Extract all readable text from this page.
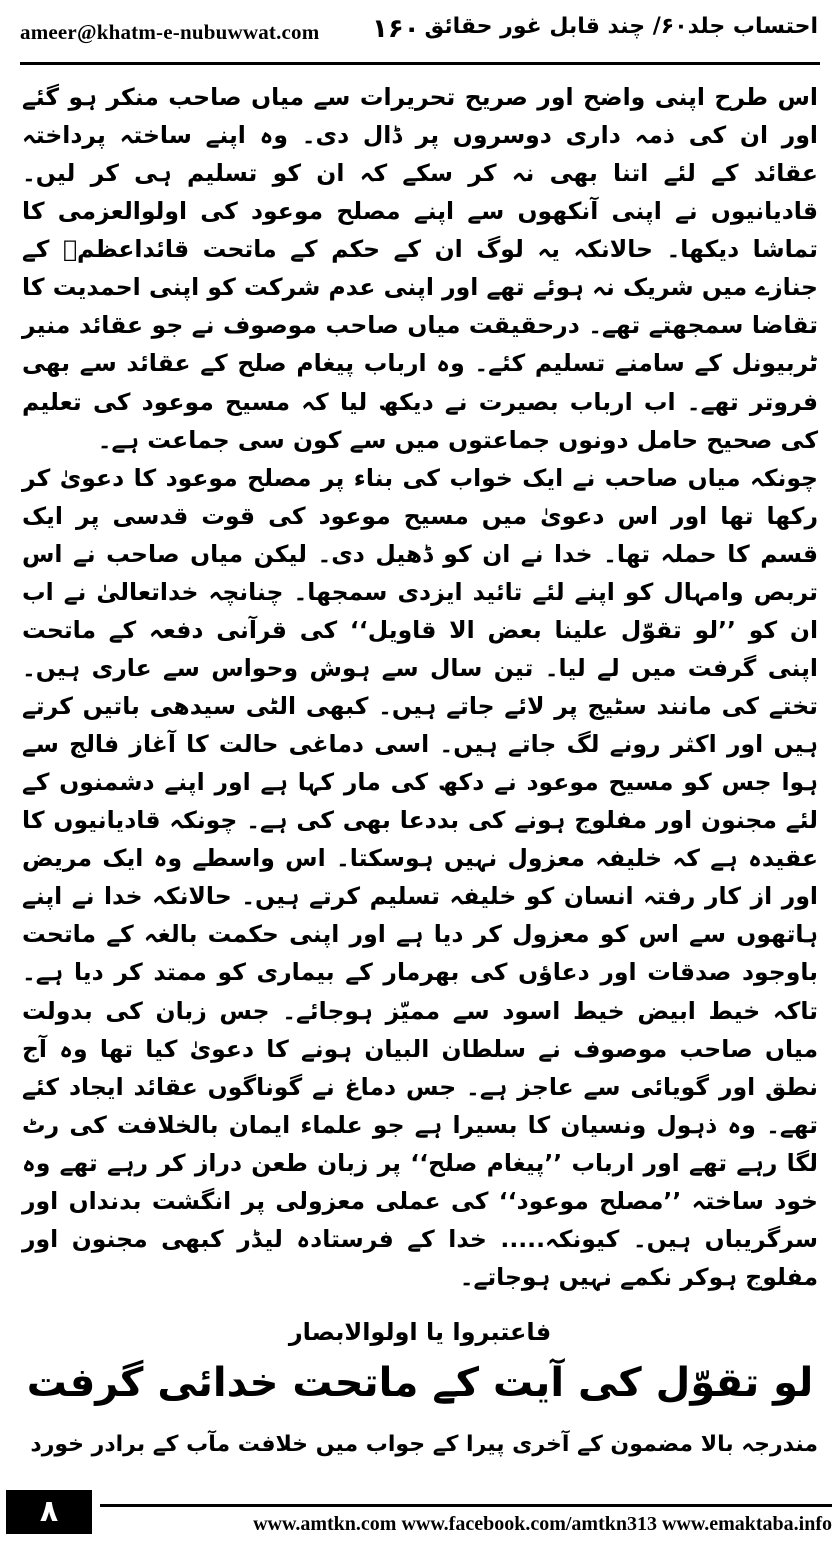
ameer@khatm-e-nubuwwat.com ۱۶۰ احتساب جلد۶۰/ چند قابل غور حقائق

اس طرح اپنی واضح اور صریح تحریرات سے میاں صاحب منکر ہو گئے اور ان کی ذمہ داری دوسروں پر ڈال دی۔ وہ اپنے ساختہ پرداختہ عقائد کے لئے اتنا بھی نہ کر سکے کہ ان کو تسلیم ہی کر لیں۔ قادیانیوں نے اپنی آنکھوں سے اپنے مصلح موعود کی اولوالعزمی کا تماشا دیکھا۔ حالانکہ یہ لوگ ان کے حکم کے ماتحت قائداعظمؒ کے جنازے میں شریک نہ ہوئے تھے اور اپنی عدم شرکت کو اپنی احمدیت کا تقاضا سمجھتے تھے۔ درحقیقت میاں صاحب موصوف نے جو عقائد منیر ٹربیونل کے سامنے تسلیم کئے۔ وہ ارباب پیغام صلح کے عقائد سے بھی فروتر تھے۔ اب ارباب بصیرت نے دیکھ لیا کہ مسیح موعود کی تعلیم کی صحیح حامل دونوں جماعتوں میں سے کون سی جماعت ہے۔

چونکہ میاں صاحب نے ایک خواب کی بناء پر مصلح موعود کا دعویٰ کر رکھا تھا اور اس دعویٰ میں مسیح موعود کی قوت قدسی پر ایک قسم کا حملہ تھا۔ خدا نے ان کو ڈھیل دی۔ لیکن میاں صاحب نے اس تربص وامہال کو اپنے لئے تائید ایزدی سمجھا۔ چنانچہ خداتعالیٰ نے اب ان کو ’’لو تقوّل علینا بعض الا قاویل‘‘ کی قرآنی دفعہ کے ماتحت اپنی گرفت میں لے لیا۔ تین سال سے ہوش وحواس سے عاری ہیں۔ تختے کی مانند سٹیج پر لائے جاتے ہیں۔ کبھی الٹی سیدھی باتیں کرتے ہیں اور اکثر رونے لگ جاتے ہیں۔ اسی دماغی حالت کا آغاز فالج سے ہوا جس کو مسیح موعود نے دکھ کی مار کہا ہے اور اپنے دشمنوں کے لئے مجنون اور مفلوج ہونے کی بددعا بھی کی ہے۔ چونکہ قادیانیوں کا عقیدہ ہے کہ خلیفہ معزول نہیں ہوسکتا۔ اس واسطے وہ ایک مریض اور از کار رفتہ انسان کو خلیفہ تسلیم کرتے ہیں۔ حالانکہ خدا نے اپنے ہاتھوں سے اس کو معزول کر دیا ہے اور اپنی حکمت بالغہ کے ماتحت باوجود صدقات اور دعاؤں کی بھرمار کے بیماری کو ممتد کر دیا ہے۔ تاکہ خیط ابیض خیط اسود سے ممیّز ہوجائے۔ جس زبان کی بدولت میاں صاحب موصوف نے سلطان البیان ہونے کا دعویٰ کیا تھا وہ آج نطق اور گویائی سے عاجز ہے۔ جس دماغ نے گوناگوں عقائد ایجاد کئے تھے۔ وہ ذہول ونسیان کا بسیرا ہے جو علماء ایمان بالخلافت کی رٹ لگا رہے تھے اور ارباب ’’پیغام صلح‘‘ پر زبان طعن دراز کر رہے تھے وہ خود ساختہ ’’مصلح موعود‘‘ کی عملی معزولی پر انگشت بدنداں اور سرگریباں ہیں۔ کیونکہ..... خدا کے فرستادہ لیڈر کبھی مجنون اور مفلوج ہوکر نکمے نہیں ہوجاتے۔

فاعتبروا یا اولوالابصار
لو تقوّل کی آیت کے ماتحت خدائی گرفت
مندرجہ بالا مضمون کے آخری پیرا کے جواب میں خلافت مآب کے برادر خورد
۸	www.amtkn.com www.facebook.com/amtkn313 www.emaktaba.info
